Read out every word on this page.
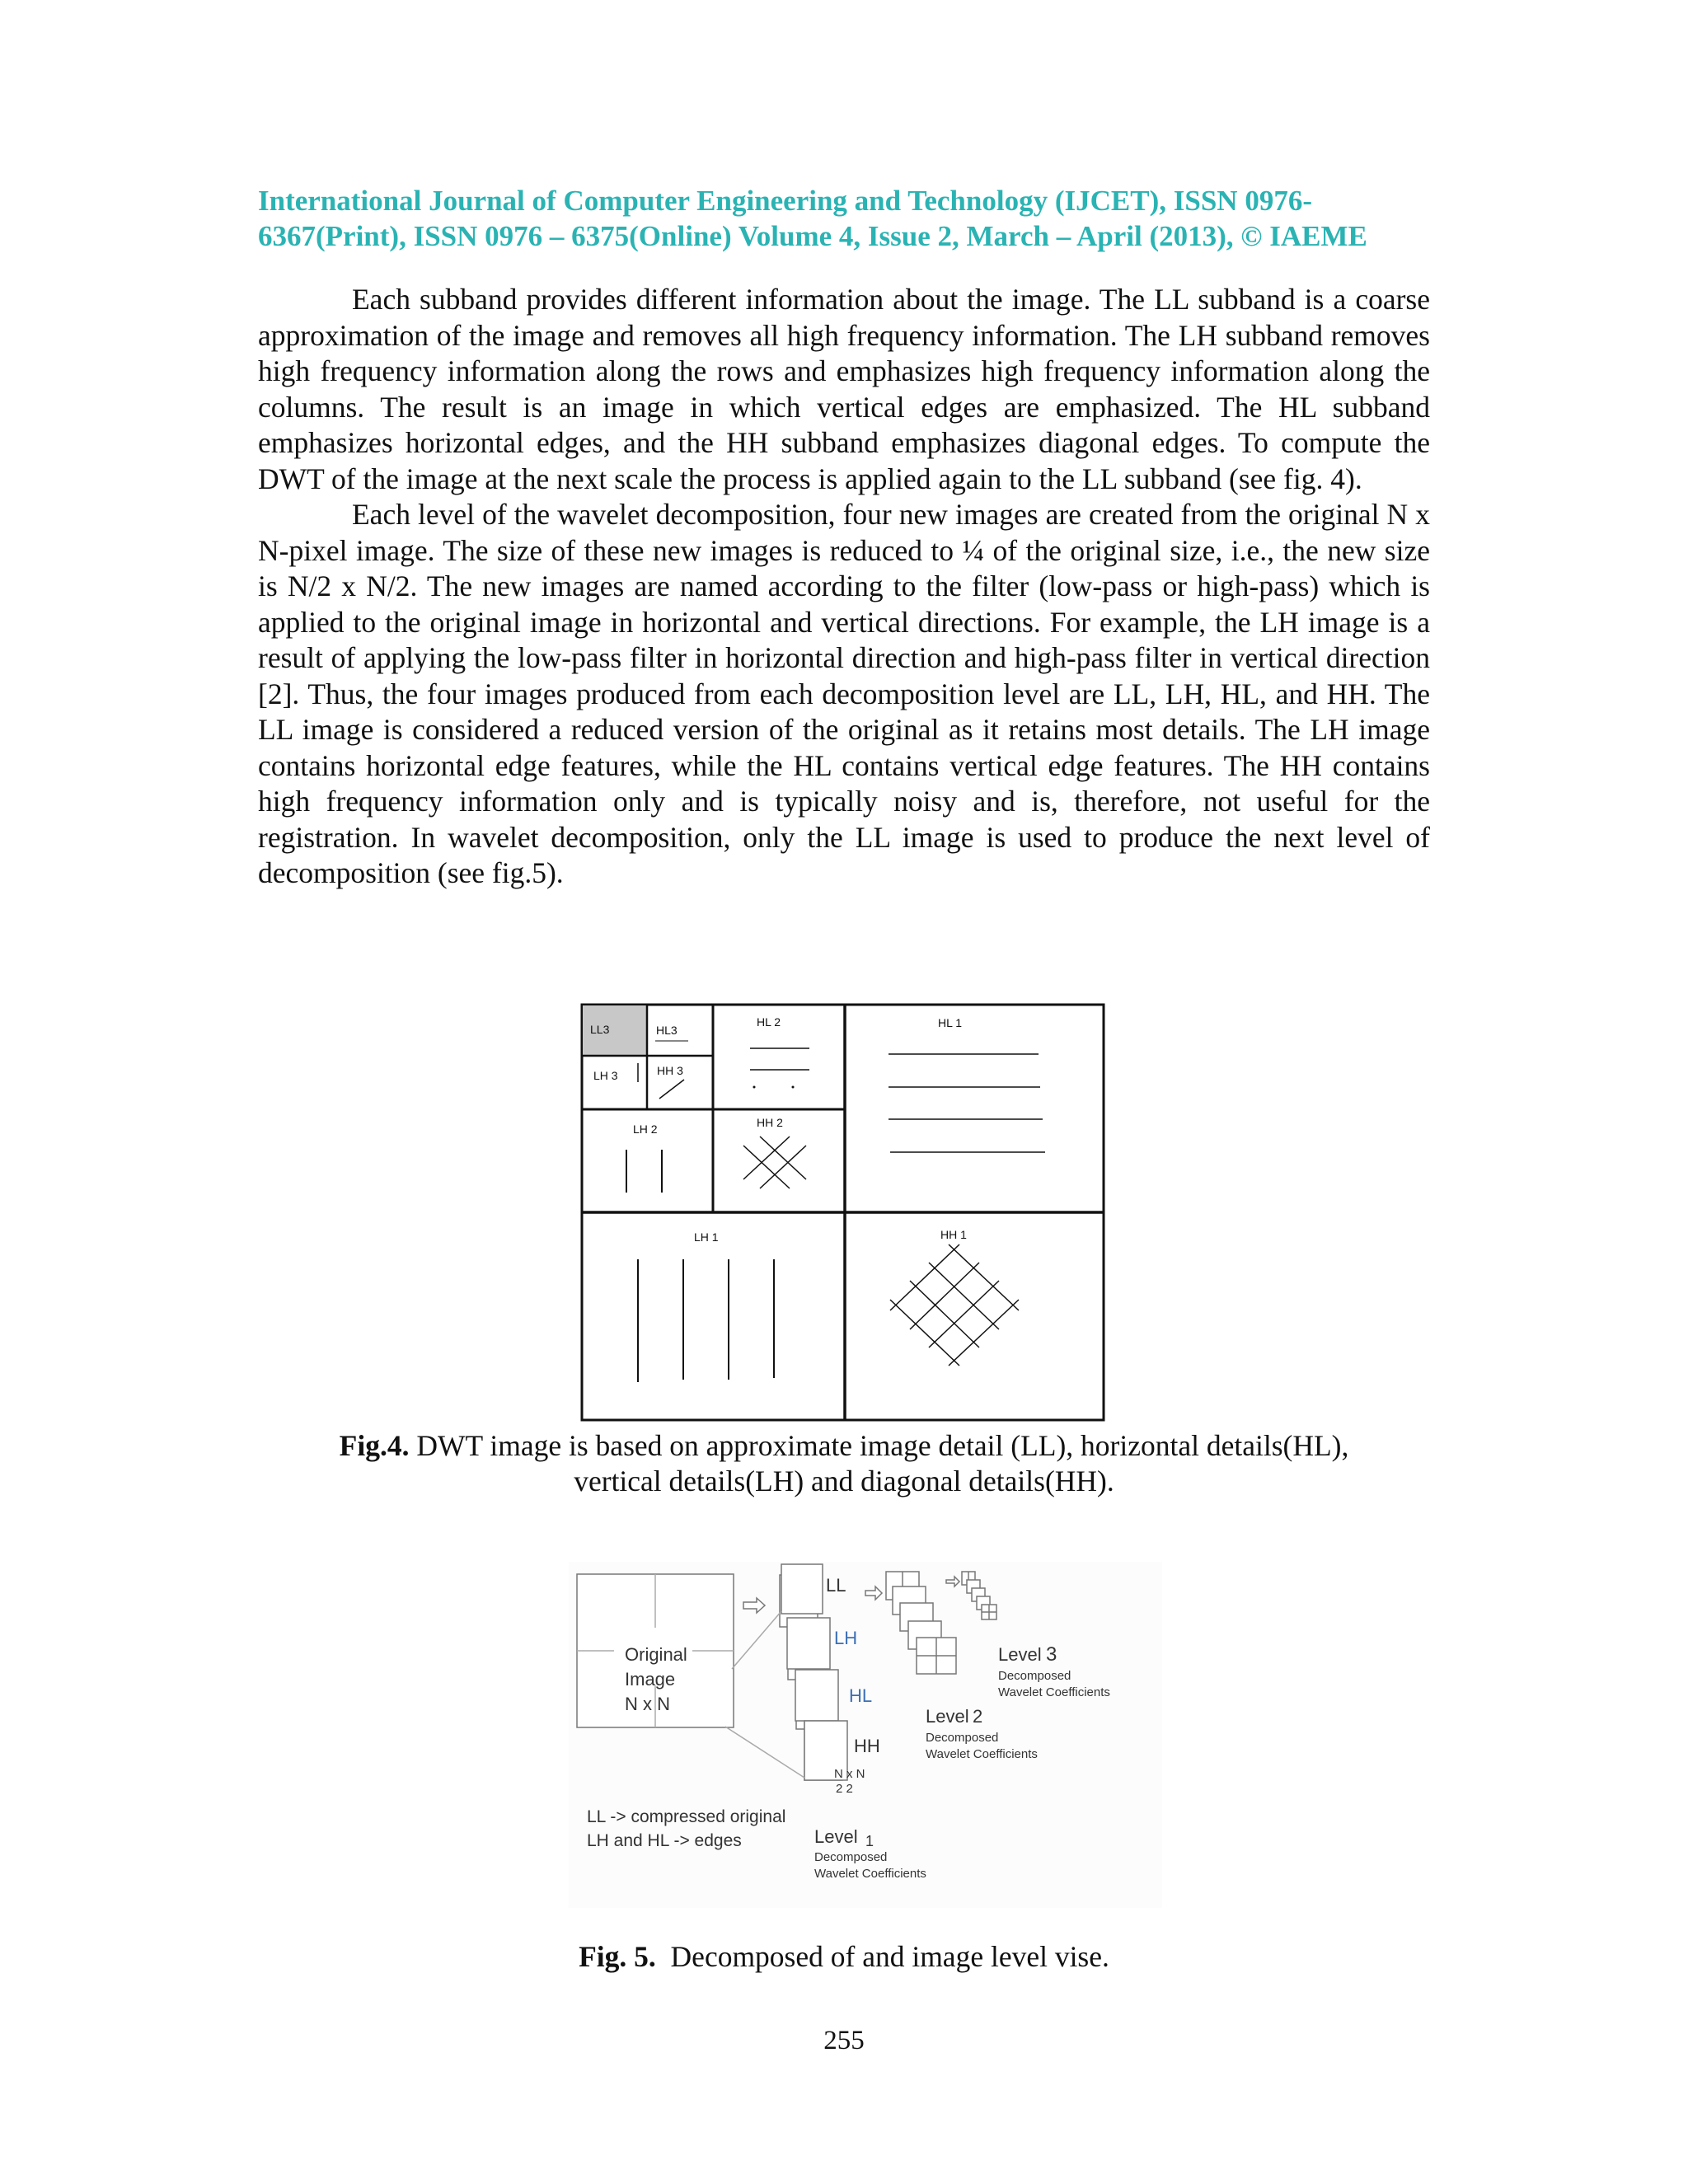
International Journal of Computer Engineering and Technology (IJCET), ISSN 0976-
6367(Print), ISSN 0976 – 6375(Online) Volume 4, Issue 2, March – April (2013), © IAEME

Each subband provides different information about the image. The LL subband is a coarse approximation of the image and removes all high frequency information. The LH subband removes high frequency information along the rows and emphasizes high frequency information along the columns. The result is an image in which vertical edges are emphasized. The HL subband emphasizes horizontal edges, and the HH subband emphasizes diagonal edges. To compute the DWT of the image at the next scale the process is applied again to the LL subband (see fig. 4).

Each level of the wavelet decomposition, four new images are created from the original N x N-pixel image. The size of these new images is reduced to ¼ of the original size, i.e., the new size is N/2 x N/2. The new images are named according to the filter (low-pass or high-pass) which is applied to the original image in horizontal and vertical directions. For example, the LH image is a result of applying the low-pass filter in horizontal direction and high-pass filter in vertical direction [2]. Thus, the four images produced from each decomposition level are LL, LH, HL, and HH. The LL image is considered a reduced version of the original as it retains most details. The LH image contains horizontal edge features, while the HL contains vertical edge features. The HH contains high frequency information only and is typically noisy and is, therefore, not useful for the registration. In wavelet decomposition, only the LL image is used to produce the next level of decomposition (see fig.5).

LL3	HL3
LH 3	HH 3
HL 2
LH 2	HH 2
HL 1
LH 1	HH 1
Fig.4. DWT image is based on approximate image detail (LL), horizontal details(HL),
vertical details(LH) and diagonal details(HH).
Original
Image
N x N
LL
LH
HL
HH
N x N
2 2
Level 3
Decomposed
Wavelet Coefficients
Level 2
Decomposed
Wavelet Coefficients
Level 1
Decomposed
Wavelet Coefficients
LL -> compressed original
LH and HL -> edges
Fig. 5.  Decomposed of and image level vise.
255
